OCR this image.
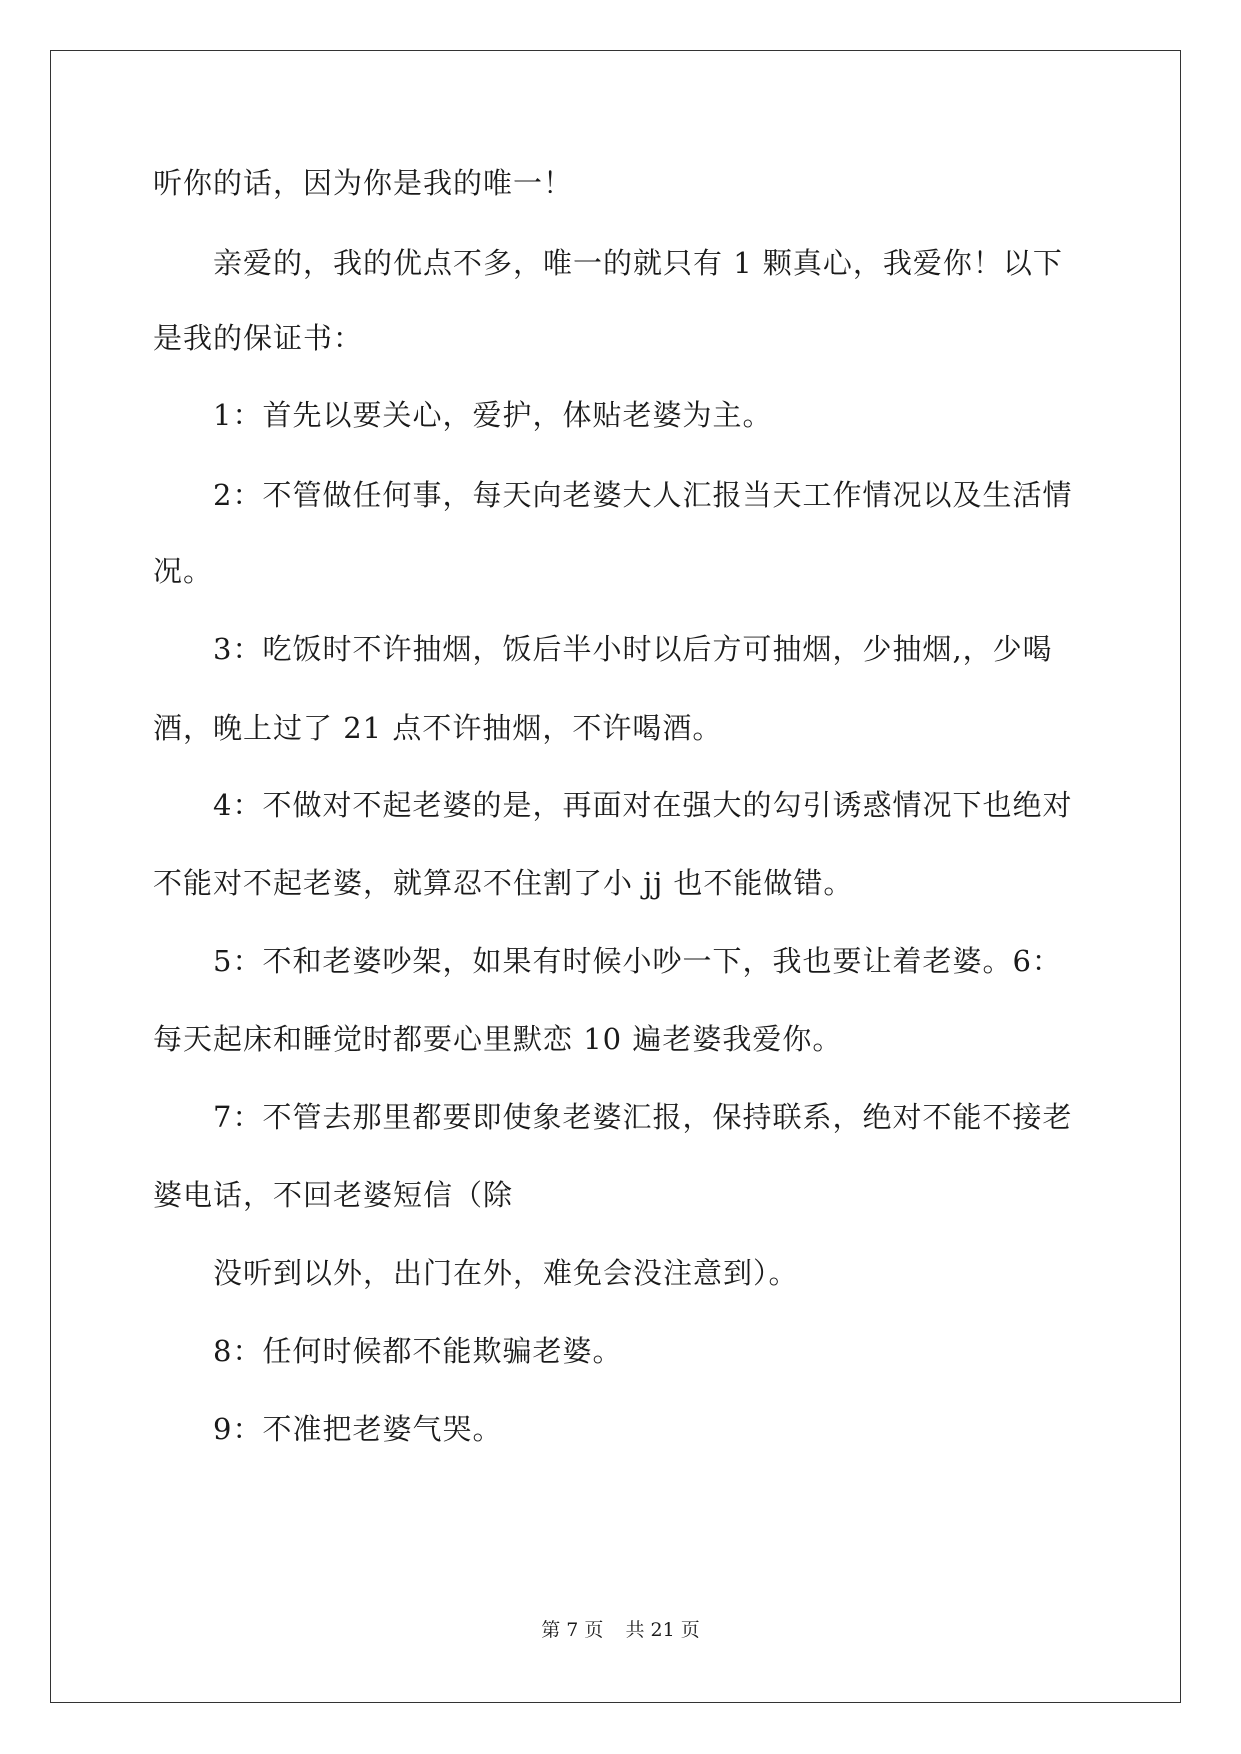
听你的话，因为你是我的唯一！
亲爱的，我的优点不多，唯一的就只有 1 颗真心，我爱你！以下
是我的保证书：
1：首先以要关心，爱护，体贴老婆为主。
2：不管做任何事，每天向老婆大人汇报当天工作情况以及生活情
况。
3：吃饭时不许抽烟，饭后半小时以后方可抽烟，少抽烟,，少喝
酒，晚上过了 21 点不许抽烟，不许喝酒。
4：不做对不起老婆的是，再面对在强大的勾引诱惑情况下也绝对
不能对不起老婆，就算忍不住割了小 jj 也不能做错。
5：不和老婆吵架，如果有时候小吵一下，我也要让着老婆。6：
每天起床和睡觉时都要心里默恋 10 遍老婆我爱你。
7：不管去那里都要即使象老婆汇报，保持联系，绝对不能不接老
婆电话，不回老婆短信（除
没听到以外，出门在外，难免会没注意到）。
8：任何时候都不能欺骗老婆。
9：不准把老婆气哭。
第 7 页 共 21 页
